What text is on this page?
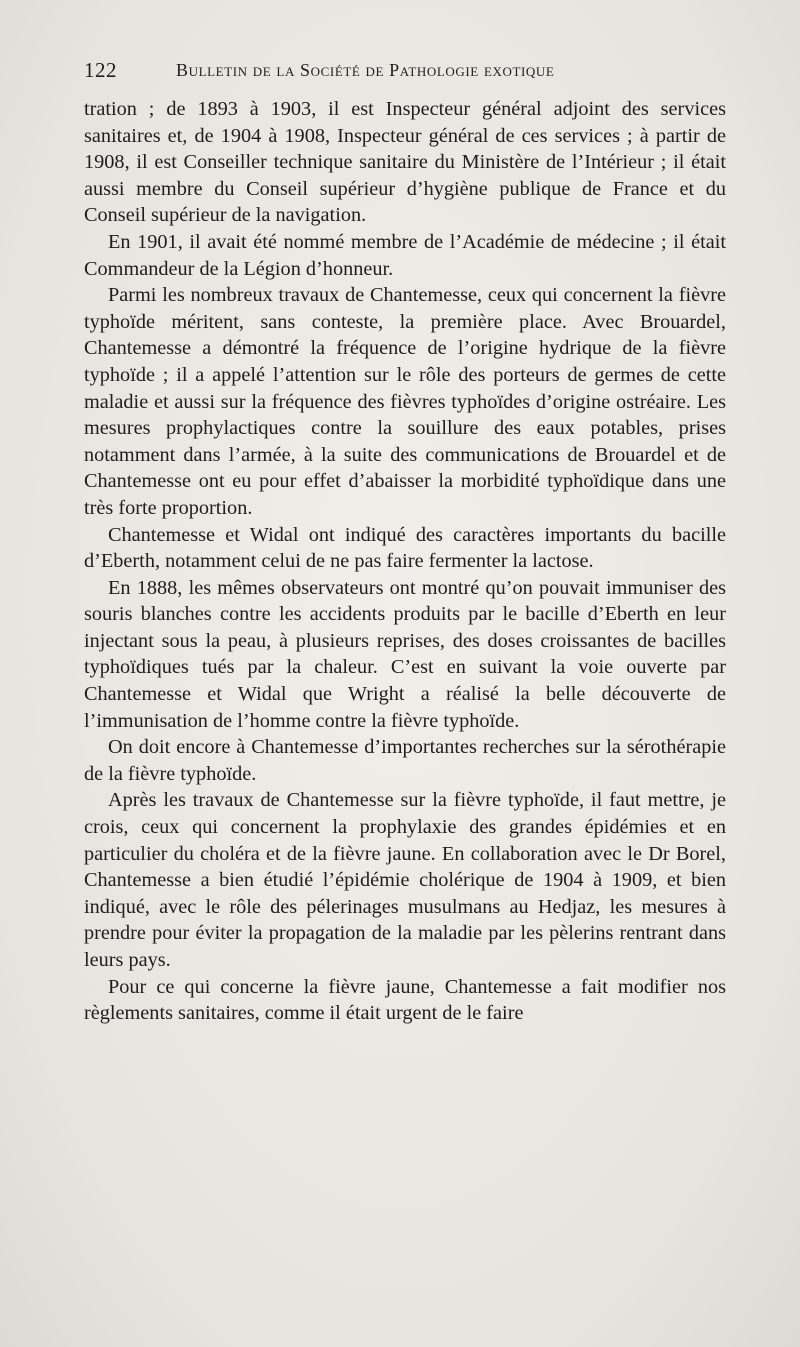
122	Bulletin de la Société de Pathologie exotique

tration ; de 1893 à 1903, il est Inspecteur général adjoint des services sanitaires et, de 1904 à 1908, Inspecteur général de ces services ; à partir de 1908, il est Conseiller technique sanitaire du Ministère de l’Intérieur ; il était aussi membre du Conseil supérieur d’hygiène publique de France et du Conseil supérieur de la navigation.

En 1901, il avait été nommé membre de l’Académie de médecine ; il était Commandeur de la Légion d’honneur.

Parmi les nombreux travaux de Chantemesse, ceux qui concernent la fièvre typhoïde méritent, sans conteste, la première place. Avec Brouardel, Chantemesse a démontré la fréquence de l’origine hydrique de la fièvre typhoïde ; il a appelé l’attention sur le rôle des porteurs de germes de cette maladie et aussi sur la fréquence des fièvres typhoïdes d’origine ostréaire. Les mesures prophylactiques contre la souillure des eaux potables, prises notamment dans l’armée, à la suite des communications de Brouardel et de Chantemesse ont eu pour effet d’abaisser la morbidité typhoïdique dans une très forte proportion.

Chantemesse et Widal ont indiqué des caractères importants du bacille d’Eberth, notamment celui de ne pas faire fermenter la lactose.

En 1888, les mêmes observateurs ont montré qu’on pouvait immuniser des souris blanches contre les accidents produits par le bacille d’Eberth en leur injectant sous la peau, à plusieurs reprises, des doses croissantes de bacilles typhoïdiques tués par la chaleur. C’est en suivant la voie ouverte par Chantemesse et Widal que Wright a réalisé la belle découverte de l’immunisation de l’homme contre la fièvre typhoïde.

On doit encore à Chantemesse d’importantes recherches sur la sérothérapie de la fièvre typhoïde.

Après les travaux de Chantemesse sur la fièvre typhoïde, il faut mettre, je crois, ceux qui concernent la prophylaxie des grandes épidémies et en particulier du choléra et de la fièvre jaune. En collaboration avec le Dr Borel, Chantemesse a bien étudié l’épidémie cholérique de 1904 à 1909, et bien indiqué, avec le rôle des pélerinages musulmans au Hedjaz, les mesures à prendre pour éviter la propagation de la maladie par les pèlerins rentrant dans leurs pays.

Pour ce qui concerne la fièvre jaune, Chantemesse a fait modifier nos règlements sanitaires, comme il était urgent de le faire
